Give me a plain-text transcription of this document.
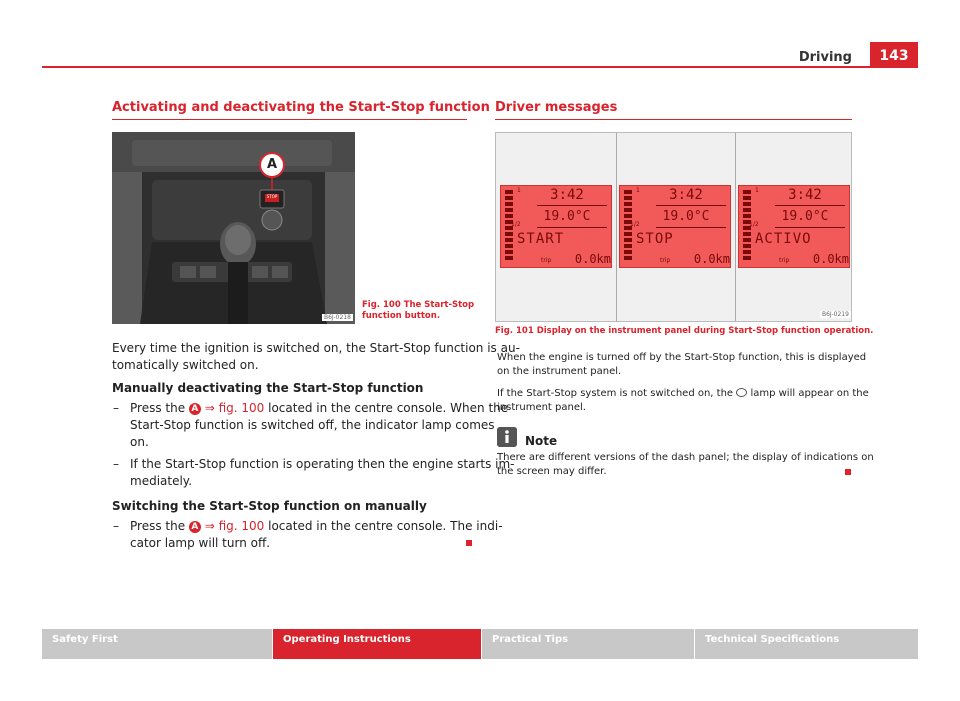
Driving	143
Activating and deactivating the Start-Stop function
A
STOP
B6J-0218
Fig. 100 The Start-Stop
function button.
Every time the ignition is switched on, the Start-Stop function is au-
tomatically switched on.
Manually deactivating the Start-Stop function
– Press the A ⇒ fig. 100 located in the centre console. When the
Start-Stop function is switched off, the indicator lamp comes
on.
– If the Start-Stop function is operating then the engine starts im-
mediately.
Switching the Start-Stop function on manually
– Press the A ⇒ fig. 100 located in the centre console. The indi-
cator lamp will turn off.
Driver messages
1	3:42
1/2
19.0°C
START
trip	0.0km
1	3:42
1/2
19.0°C
STOP
trip	0.0km
1	3:42
1/2
19.0°C
ACTIVO
trip	0.0km
B6J-0219
Fig. 101 Display on the instrument panel during Start-Stop function operation.
When the engine is turned off by the Start-Stop function, this is displayed
on the instrument panel.
If the Start-Stop system is not switched on, the lamp will appear on the
instrument panel.
Note
There are different versions of the dash panel; the display of indications on
the screen may differ.
Safety First	Operating Instructions	Practical Tips	Technical Specifications
